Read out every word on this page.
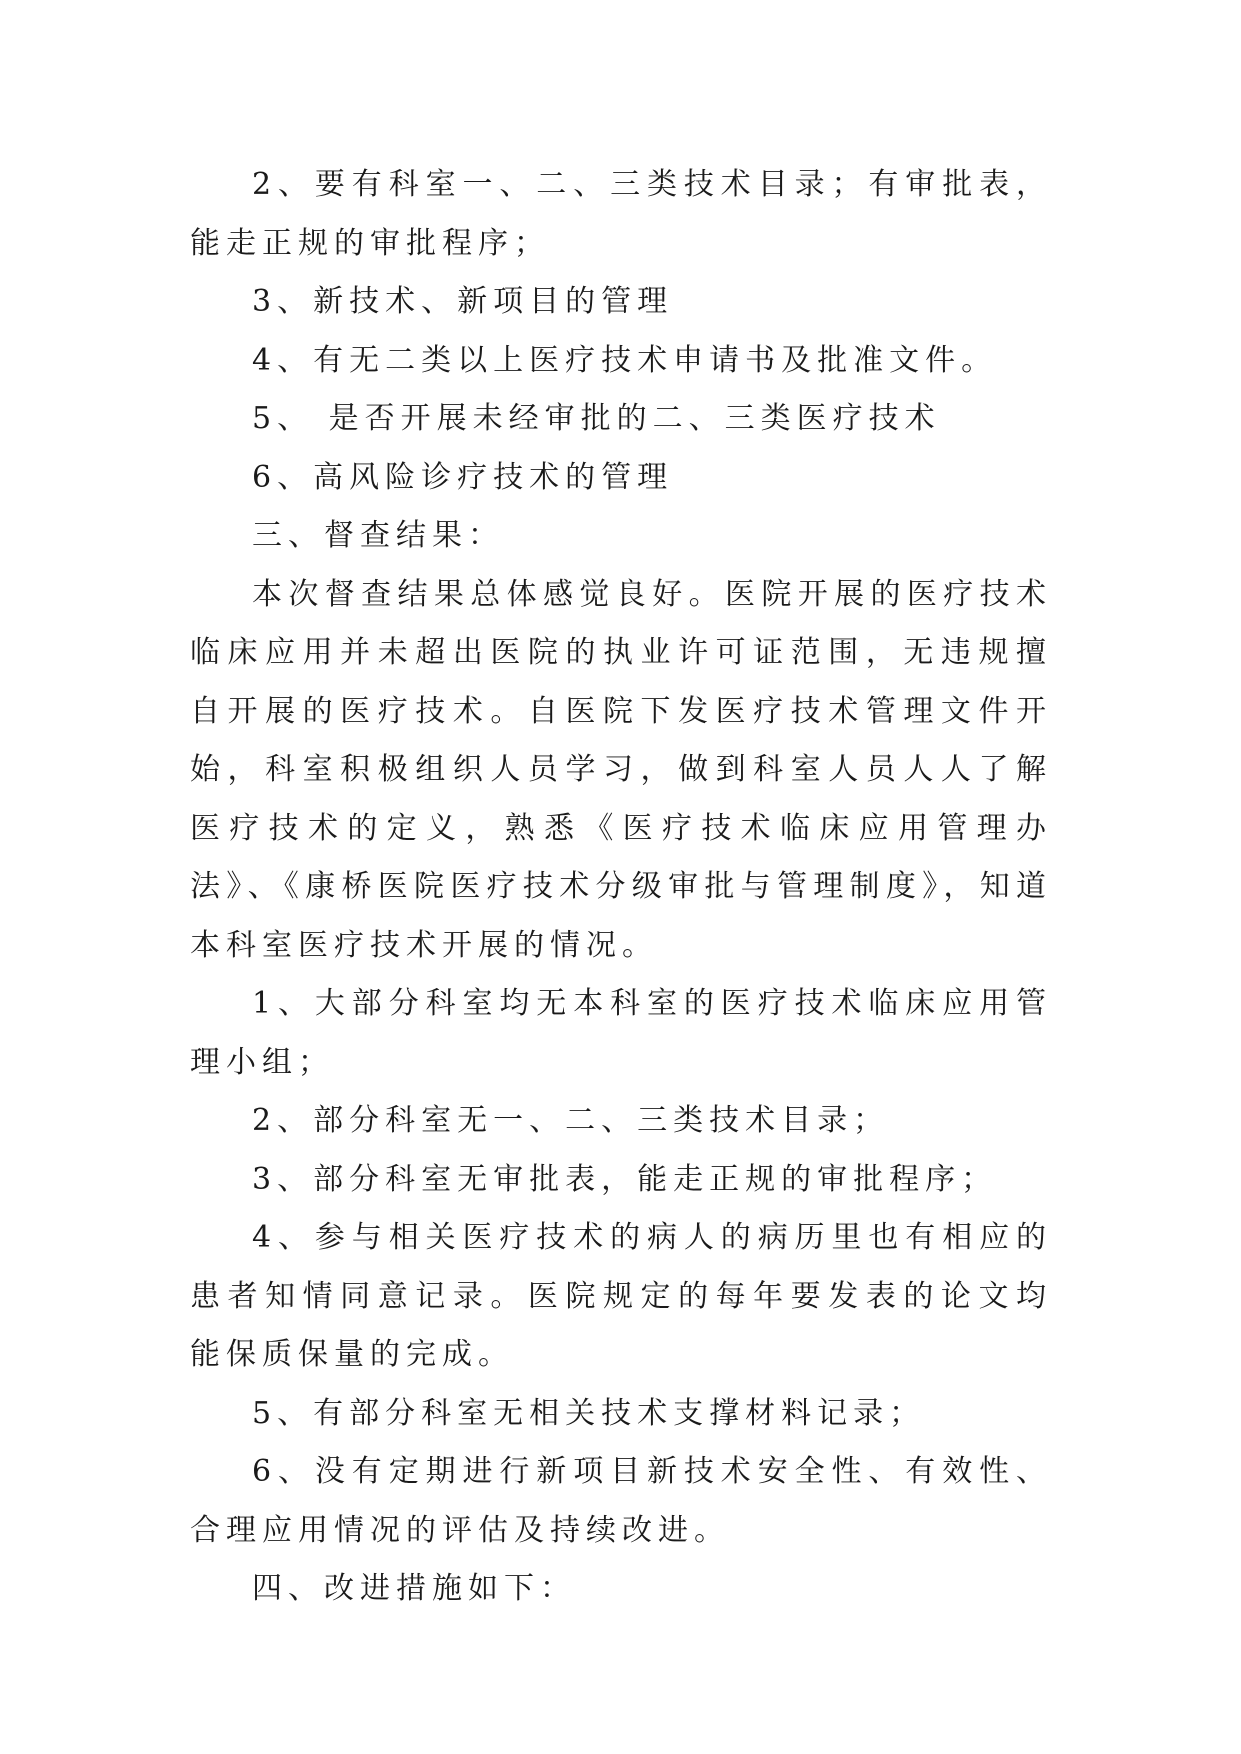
2、要有科室一、二、三类技术目录；有审批表，能走正规的审批程序；

3、新技术、新项目的管理

4、有无二类以上医疗技术申请书及批准文件。

5、 是否开展未经审批的二、三类医疗技术

6、高风险诊疗技术的管理

三、督查结果：

本次督查结果总体感觉良好。医院开展的医疗技术临床应用并未超出医院的执业许可证范围，无违规擅自开展的医疗技术。自医院下发医疗技术管理文件开始，科室积极组织人员学习，做到科室人员人人了解医疗技术的定义，熟悉《医疗技术临床应用管理办法》、《康桥医院医疗技术分级审批与管理制度》，知道本科室医疗技术开展的情况。

1、大部分科室均无本科室的医疗技术临床应用管理小组；

2、部分科室无一、二、三类技术目录；

3、部分科室无审批表，能走正规的审批程序；

4、参与相关医疗技术的病人的病历里也有相应的患者知情同意记录。医院规定的每年要发表的论文均能保质保量的完成。

5、有部分科室无相关技术支撑材料记录；

6、没有定期进行新项目新技术安全性、有效性、合理应用情况的评估及持续改进。

四、改进措施如下：
